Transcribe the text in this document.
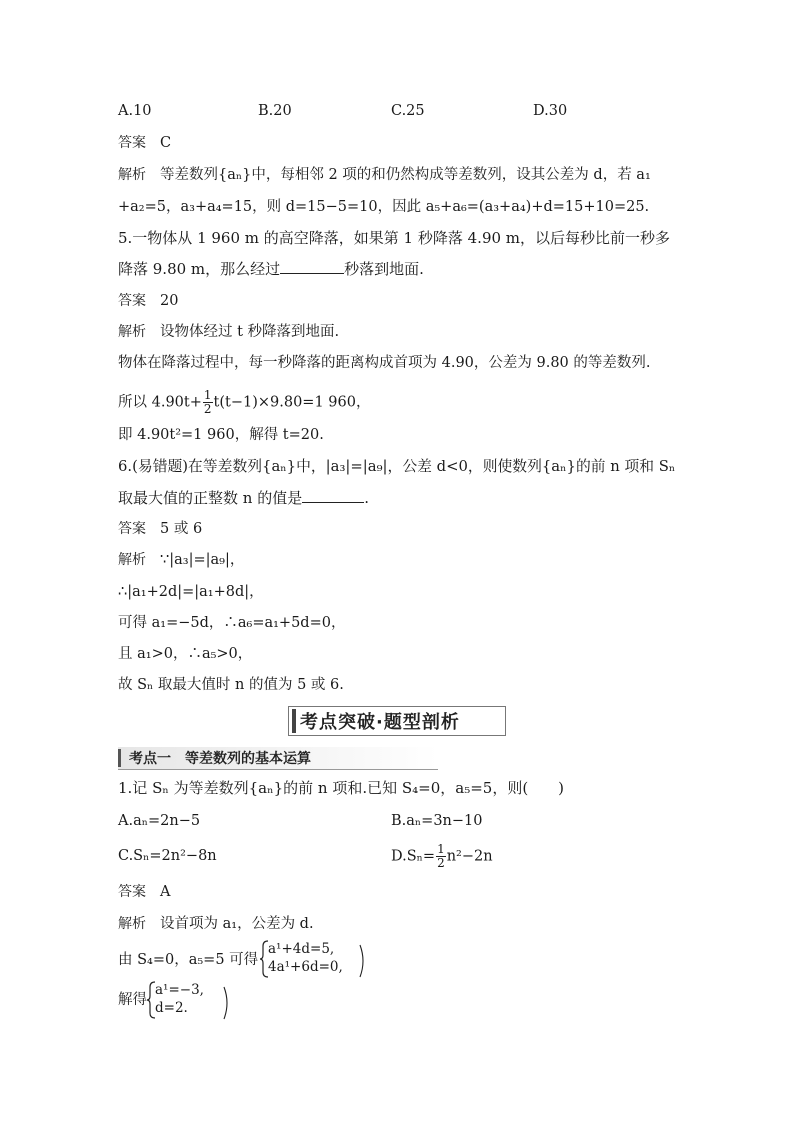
A.10	B.20	C.25	D.30
答案 C
解析 等差数列{aₙ}中，每相邻 2 项的和仍然构成等差数列，设其公差为 d，若 a₁
+a₂=5，a₃+a₄=15，则 d=15−5=10，因此 a₅+a₆=(a₃+a₄)+d=15+10=25.
5.一物体从 1 960 m 的高空降落，如果第 1 秒降落 4.90 m，以后每秒比前一秒多
降落 9.80 m，那么经过	秒落到地面.
答案 20
解析 设物体经过 t 秒降落到地面.
物体在降落过程中，每一秒降落的距离构成首项为 4.90，公差为 9.80 的等差数列.
所以 $4.90t+ \frac{1}{2} t(t-1)\times 9.80=1$ 960，
即 4.90t²=1 960，解得 t=20.
6.(易错题)在等差数列{aₙ}中，|a₃|=|a₉|，公差 d<0，则使数列{aₙ}的前 n 项和 Sₙ
取最大值的正整数 n 的值是	.
答案 5 或 6
解析 ∵|a₃|=|a₉|，
∴|a₁+2d|=|a₁+8d|，
可得 a₁=−5d，∴a₆=a₁+5d=0，
且 a₁>0，∴a₅>0，
故 Sₙ 取最大值时 n 的值为 5 或 6.
考点突破·题型剖析
考点一　等差数列的基本运算
1.记 Sₙ 为等差数列{aₙ}的前 n 项和.已知 S₄=0，a₅=5，则(　　)
A.aₙ=2n−5	B.aₙ=3n−10
C.Sₙ=2n²−8n	$D.S_n= \frac{1}{2} n^2-2n$
答案 A
解析 设首项为 a₁，公差为 d.
由 S₄=0，a₅=5 可得
a¹+4d=5,
4a¹+6d=0,
解得
a¹=−3,
d=2.
